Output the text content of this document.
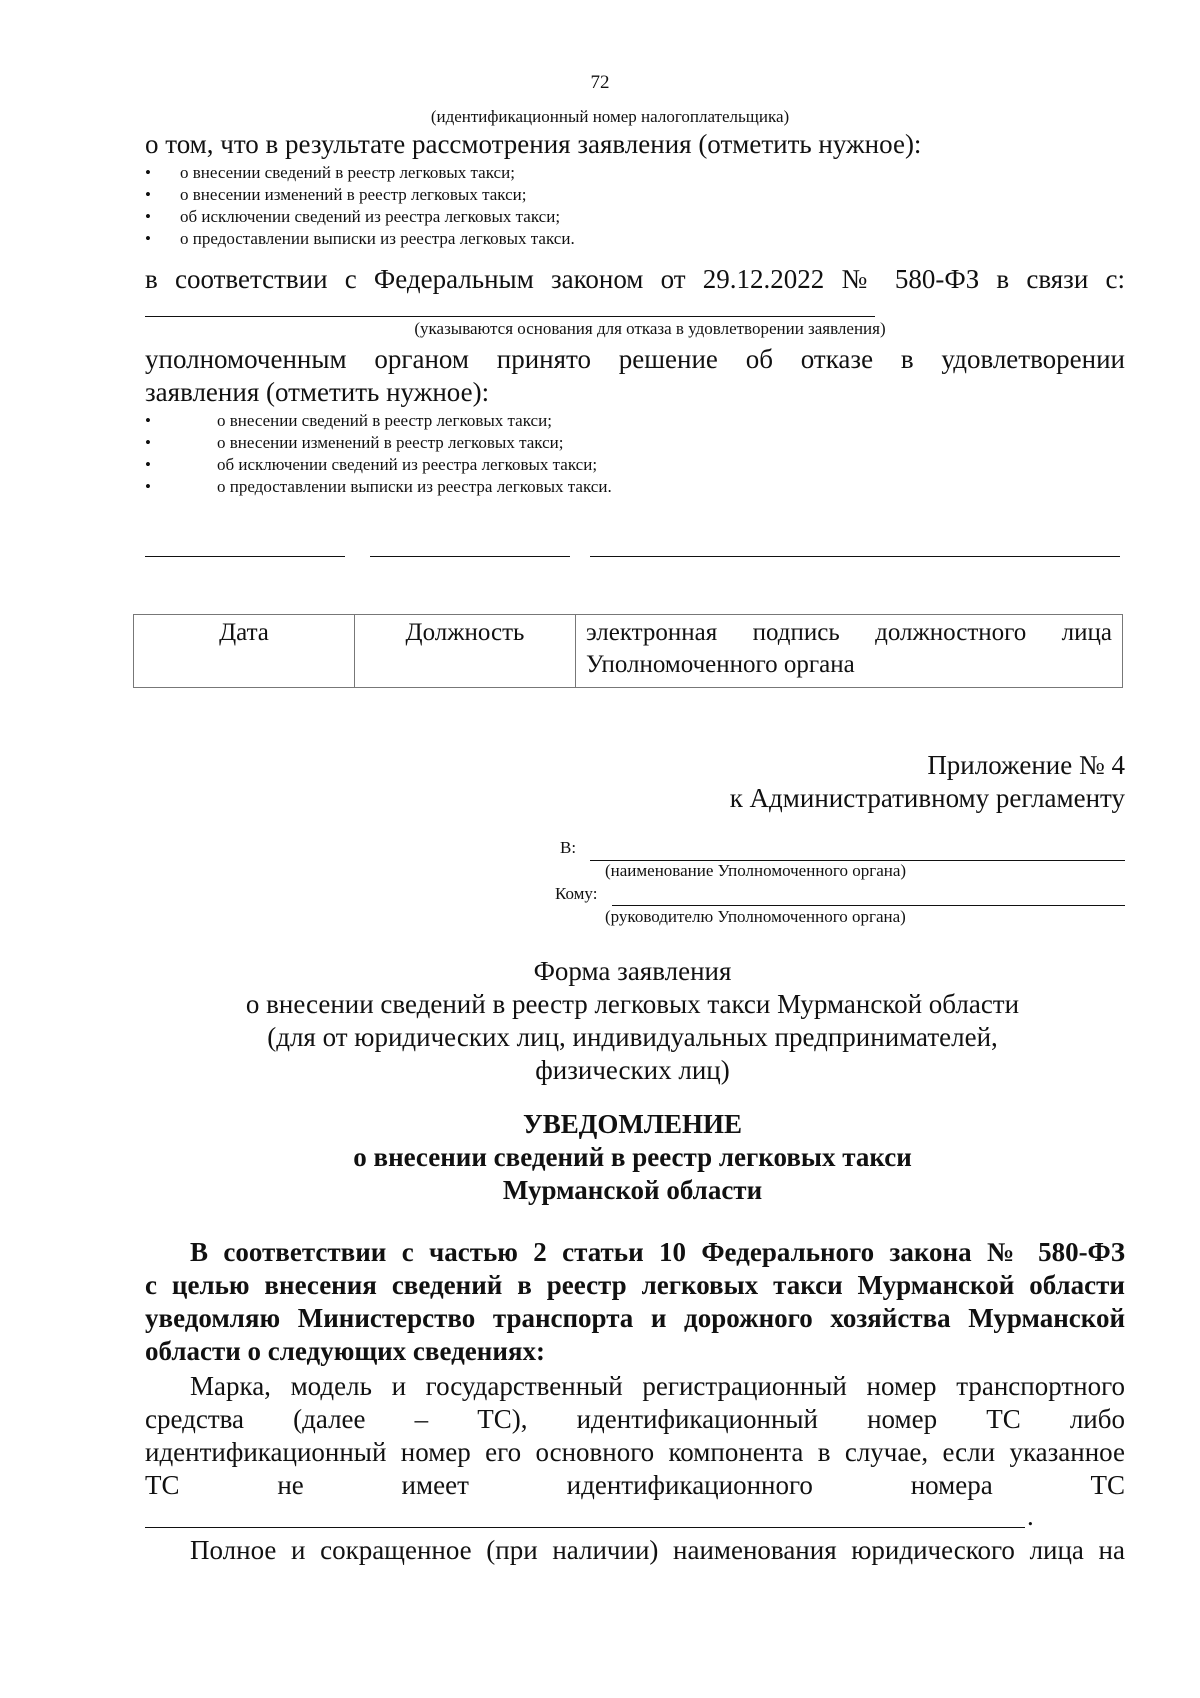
72
(идентификационный номер налогоплательщика)
о том, что в результате рассмотрения заявления (отметить нужное):
• о внесении сведений в реестр легковых такси;
• о внесении изменений в реестр легковых такси;
• об исключении сведений из реестра легковых такси;
• о предоставлении выписки из реестра легковых такси.
в соответствии с Федеральным законом от 29.12.2022 № 580-ФЗ в связи с:
(указываются основания для отказа в удовлетворении заявления)
уполномоченным органом принято решение об отказе в удовлетворении
заявления (отметить нужное):
•	о внесении сведений в реестр легковых такси;
•	о внесении изменений в реестр легковых такси;
•	об исключении сведений из реестра легковых такси;
•	о предоставлении выписки из реестра легковых такси.
Дата	Должность	электронная подпись должностного лица Уполномоченного органа
Приложение № 4
к Административному регламенту
В:
(наименование Уполномоченного органа)
Кому:
(руководителю Уполномоченного органа)
Форма заявления
о внесении сведений в реестр легковых такси Мурманской области
(для от юридических лиц, индивидуальных предпринимателей,
физических лиц)
УВЕДОМЛЕНИЕ
о внесении сведений в реестр легковых такси
Мурманской области
В соответствии с частью 2 статьи 10 Федерального закона № 580-ФЗ
с целью внесения сведений в реестр легковых такси Мурманской области
уведомляю Министерство транспорта и дорожного хозяйства Мурманской
области о следующих сведениях:
Марка, модель и государственный регистрационный номер транспортного
средства (далее – ТС), идентификационный номер ТС либо
идентификационный номер его основного компонента в случае, если указанное
ТС не имеет идентификационного номера ТС
.
Полное и сокращенное (при наличии) наименования юридического лица на
